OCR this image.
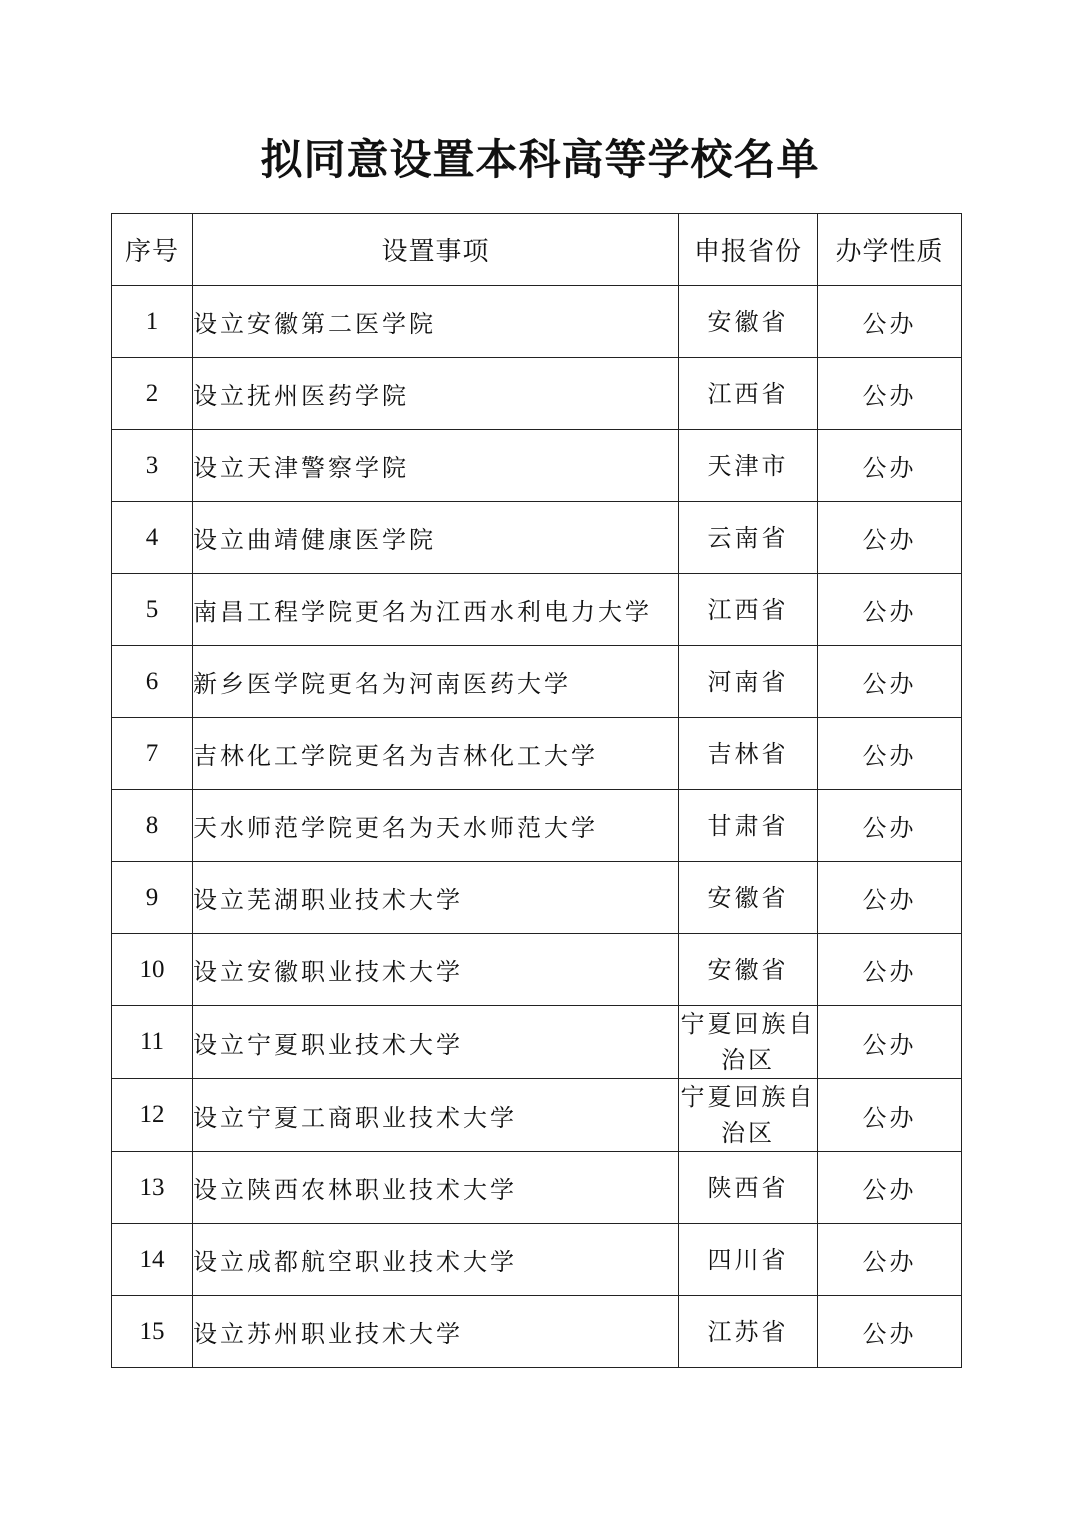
拟同意设置本科高等学校名单
序号	设置事项	申报省份	办学性质
1	设立安徽第二医学院	安徽省	公办
2	设立抚州医药学院	江西省	公办
3	设立天津警察学院	天津市	公办
4	设立曲靖健康医学院	云南省	公办
5	南昌工程学院更名为江西水利电力大学	江西省	公办
6	新乡医学院更名为河南医药大学	河南省	公办
7	吉林化工学院更名为吉林化工大学	吉林省	公办
8	天水师范学院更名为天水师范大学	甘肃省	公办
9	设立芜湖职业技术大学	安徽省	公办
10	设立安徽职业技术大学	安徽省	公办
11	设立宁夏职业技术大学	宁夏回族自治区	公办
12	设立宁夏工商职业技术大学	宁夏回族自治区	公办
13	设立陕西农林职业技术大学	陕西省	公办
14	设立成都航空职业技术大学	四川省	公办
15	设立苏州职业技术大学	江苏省	公办
